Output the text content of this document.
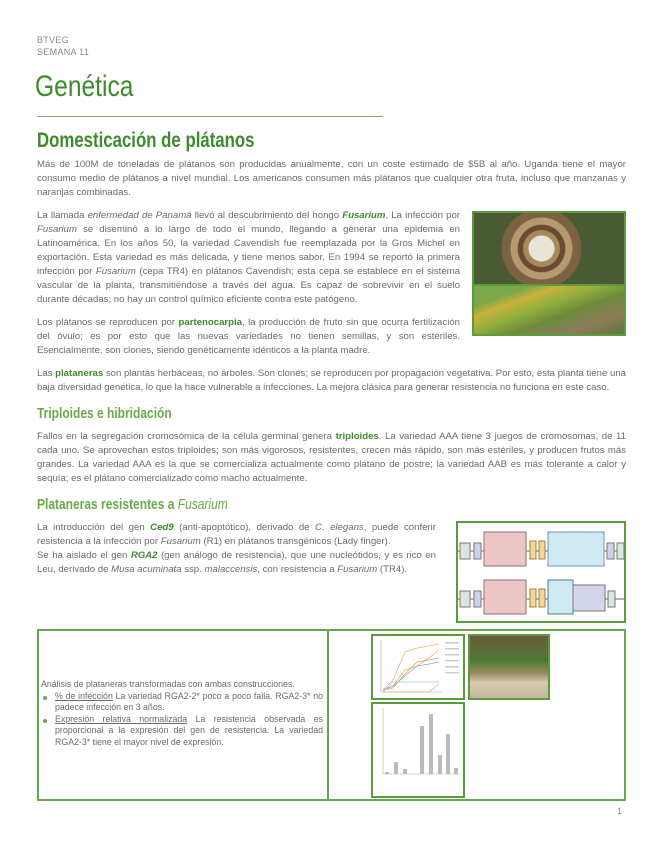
BTVEG
SEMANA 11
Genética
Domesticación de plátanos

Más de 100M de toneladas de plátanos son producidas anualmente, con un coste estimado de $5B al año. Uganda tiene el mayor consumo medio de plátanos a nivel mundial. Los americanos consumen más plátanos que cualquier otra fruta, incluso que manzanas y naranjas combinadas.

La llamada enfermedad de Panamá llevó al descubrimiento del hongo Fusarium. La infección por Fusarium se diseminó a lo largo de todo el mundo, llegando a generar una epidemia en Latinoamérica. En los años 50, la variedad Cavendish fue reemplazada por la Gros Michel en exportación. Esta variedad es más delicada, y tiene menos sabor. En 1994 se reportó la primera infección por Fusarium (cepa TR4) en plátanos Cavendish; esta cepa se establece en el sistema vascular de la planta, transmitiéndose a través del agua. Es capaz de sobrevivir en el suelo durante décadas; no hay un control químico eficiente contra este patógeno.

Los plátanos se reproducen por partenocarpia, la producción de fruto sin que ocurra fertilización del óvulo; es por esto que las nuevas variedades no tienen semillas, y son estériles. Esencialmente, son clones, siendo genéticamente idénticos a la planta madre.

Las plataneras son plantas herbáceas, no árboles. Son clones; se reproducen por propagación vegetativa. Por esto, esta planta tiene una baja diversidad genética, lo que la hace vulnerable a infecciones. La mejora clásica para generar resistencia no funciona en este caso.

Triploides e hibridación

Fallos en la segregación cromosómica de la célula germinal genera triploides. La variedad AAA tiene 3 juegos de cromosomas, de 11 cada uno. Se aprovechan estos triploides; son más vigorosos, resistentes, crecen más rápido, son más estériles, y producen frutos más grandes. La variedad AAA es la que se comercializa actualmente como plátano de postre; la variedad AAB es más tolerante a calor y sequía; es el plátano comercializado como macho actualmente.

Plataneras resistentes a Fusarium

La introducción del gen Ced9 (anti-apoptótico), derivado de C. elegans, puede conferir resistencia a la infección por Fusarium (R1) en plátanos transgénicos (Lady finger).

Se ha aislado el gen RGA2 (gen análogo de resistencia), que une nucleótidos, y es rico en Leu, derivado de Musa acuminata ssp. malaccensis, con resistencia a Fusarium (TR4).

Análisis de plataneras transformadas con ambas construcciones.
% de infección La variedad RGA2-2* poco a poco falla. RGA2-3* no padece infección en 3 años.
Expresión relativa normalizada La resistencia observada es proporcional a la expresión del gen de resistencia. La variedad RGA2-3* tiene el mayor nivel de expresión.
1
